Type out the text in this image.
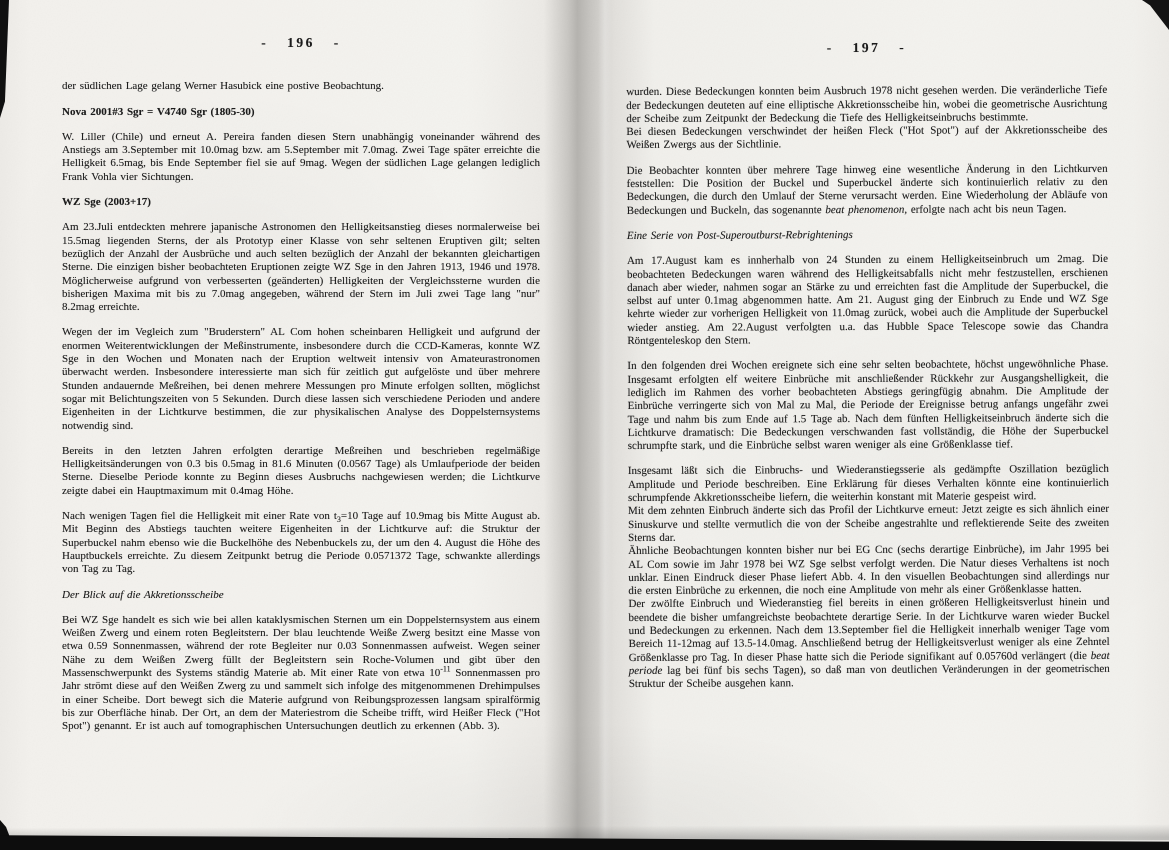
- 196 -

der südlichen Lage gelang Werner Hasubick eine postive Beobachtung.

Nova 2001#3 Sgr = V4740 Sgr (1805-30)

W. Liller (Chile) und erneut A. Pereira fanden diesen Stern unabhängig voneinander während des Anstiegs am 3.September mit 10.0mag bzw. am 5.September mit 7.0mag. Zwei Tage später erreichte die Helligkeit 6.5mag, bis Ende September fiel sie auf 9mag. Wegen der südlichen Lage gelangen lediglich Frank Vohla vier Sichtungen.

WZ Sge (2003+17)

Am 23.Juli entdeckten mehrere japanische Astronomen den Helligkeitsanstieg dieses normalerweise bei 15.5mag liegenden Sterns, der als Prototyp einer Klasse von sehr seltenen Eruptiven gilt; selten bezüglich der Anzahl der Ausbrüche und auch selten bezüglich der Anzahl der bekannten gleichartigen Sterne. Die einzigen bisher beobachteten Eruptionen zeigte WZ Sge in den Jahren 1913, 1946 und 1978. Möglicherweise aufgrund von verbesserten (geänderten) Helligkeiten der Vergleichssterne wurden die bisherigen Maxima mit bis zu 7.0mag angegeben, während der Stern im Juli zwei Tage lang "nur" 8.2mag erreichte.

Wegen der im Vegleich zum "Bruderstern" AL Com hohen scheinbaren Helligkeit und aufgrund der enormen Weiterentwicklungen der Meßinstrumente, insbesondere durch die CCD-Kameras, konnte WZ Sge in den Wochen und Monaten nach der Eruption weltweit intensiv von Amateurastronomen überwacht werden. Insbesondere interessierte man sich für zeitlich gut aufgelöste und über mehrere Stunden andauernde Meßreihen, bei denen mehrere Messungen pro Minute erfolgen sollten, möglichst sogar mit Belichtungszeiten von 5 Sekunden. Durch diese lassen sich verschiedene Perioden und andere Eigenheiten in der Lichtkurve bestimmen, die zur physikalischen Analyse des Doppelsternsystems notwendig sind.

Bereits in den letzten Jahren erfolgten derartige Meßreihen und beschrieben regelmäßige Helligkeitsänderungen von 0.3 bis 0.5mag in 81.6 Minuten (0.0567 Tage) als Umlaufperiode der beiden Sterne. Dieselbe Periode konnte zu Beginn dieses Ausbruchs nachgewiesen werden; die Lichtkurve zeigte dabei ein Hauptmaximum mit 0.4mag Höhe.

Nach wenigen Tagen fiel die Helligkeit mit einer Rate von $t_3=10$ Tage auf 10.9mag bis Mitte August ab. Mit Beginn des Abstiegs tauchten weitere Eigenheiten in der Lichtkurve auf: die Struktur der Superbuckel nahm ebenso wie die Buckelhöhe des Nebenbuckels zu, der um den 4. August die Höhe des Hauptbuckels erreichte. Zu diesem Zeitpunkt betrug die Periode 0.0571372 Tage, schwankte allerdings von Tag zu Tag.

Der Blick auf die Akkretionsscheibe

Bei WZ Sge handelt es sich wie bei allen kataklysmischen Sternen um ein Doppelsternsystem aus einem Weißen Zwerg und einem roten Begleitstern. Der blau leuchtende Weiße Zwerg besitzt eine Masse von etwa 0.59 Sonnenmassen, während der rote Begleiter nur 0.03 Sonnenmassen aufweist. Wegen seiner Nähe zu dem Weißen Zwerg füllt der Begleitstern sein Roche-Volumen und gibt über den Massenschwerpunkt des Systems ständig Materie ab. Mit einer Rate von etwa $10^{-11}$ Sonnenmassen pro Jahr strömt diese auf den Weißen Zwerg zu und sammelt sich infolge des mitgenommenen Drehimpulses in einer Scheibe. Dort bewegt sich die Materie aufgrund von Reibungsprozessen langsam spiralförmig bis zur Oberfläche hinab. Der Ort, an dem der Materiestrom die Scheibe trifft, wird Heißer Fleck ("Hot Spot") genannt. Er ist auch auf tomographischen Untersuchungen deutlich zu erkennen (Abb. 3).

- 197 -

wurden. Diese Bedeckungen konnten beim Ausbruch 1978 nicht gesehen werden. Die veränderliche Tiefe der Bedeckungen deuteten auf eine elliptische Akkretionsscheibe hin, wobei die geometrische Ausrichtung der Scheibe zum Zeitpunkt der Bedeckung die Tiefe des Helligkeitseinbruchs bestimmte.

Bei diesen Bedeckungen verschwindet der heißen Fleck ("Hot Spot") auf der Akkretionsscheibe des Weißen Zwergs aus der Sichtlinie.

Die Beobachter konnten über mehrere Tage hinweg eine wesentliche Änderung in den Lichtkurven feststellen: Die Position der Buckel und Superbuckel änderte sich kontinuierlich relativ zu den Bedeckungen, die durch den Umlauf der Sterne verursacht werden. Eine Wiederholung der Abläufe von Bedeckungen und Buckeln, das sogenannte beat phenomenon, erfolgte nach acht bis neun Tagen.

Eine Serie von Post-Superoutburst-Rebrightenings

Am 17.August kam es innherhalb von 24 Stunden zu einem Helligkeitseinbruch um 2mag. Die beobachteten Bedeckungen waren während des Helligkeitsabfalls nicht mehr festzustellen, erschienen danach aber wieder, nahmen sogar an Stärke zu und erreichten fast die Amplitude der Superbuckel, die selbst auf unter 0.1mag abgenommen hatte. Am 21. August ging der Einbruch zu Ende und WZ Sge kehrte wieder zur vorherigen Helligkeit von 11.0mag zurück, wobei auch die Amplitude der Superbuckel wieder anstieg. Am 22.August verfolgten u.a. das Hubble Space Telescope sowie das Chandra Röntgenteleskop den Stern.

In den folgenden drei Wochen ereignete sich eine sehr selten beobachtete, höchst ungewöhnliche Phase. Insgesamt erfolgten elf weitere Einbrüche mit anschließender Rückkehr zur Ausgangshelligkeit, die lediglich im Rahmen des vorher beobachteten Abstiegs geringfügig abnahm. Die Amplitude der Einbrüche verringerte sich von Mal zu Mal, die Periode der Ereignisse betrug anfangs ungefähr zwei Tage und nahm bis zum Ende auf 1.5 Tage ab. Nach dem fünften Helligkeitseinbruch änderte sich die Lichtkurve dramatisch: Die Bedeckungen verschwanden fast vollständig, die Höhe der Superbuckel schrumpfte stark, und die Einbrüche selbst waren weniger als eine Größenklasse tief.

Insgesamt läßt sich die Einbruchs- und Wiederanstiegsserie als gedämpfte Oszillation bezüglich Amplitude und Periode beschreiben. Eine Erklärung für dieses Verhalten könnte eine kontinuierlich schrumpfende Akkretionsscheibe liefern, die weiterhin konstant mit Materie gespeist wird.

Mit dem zehnten Einbruch änderte sich das Profil der Lichtkurve erneut: Jetzt zeigte es sich ähnlich einer Sinuskurve und stellte vermutlich die von der Scheibe angestrahlte und reflektierende Seite des zweiten Sterns dar.

Ähnliche Beobachtungen konnten bisher nur bei EG Cnc (sechs derartige Einbrüche), im Jahr 1995 bei AL Com sowie im Jahr 1978 bei WZ Sge selbst verfolgt werden. Die Natur dieses Verhaltens ist noch unklar. Einen Eindruck dieser Phase liefert Abb. 4. In den visuellen Beobachtungen sind allerdings nur die ersten Einbrüche zu erkennen, die noch eine Amplitude von mehr als einer Größenklasse hatten.

Der zwölfte Einbruch und Wiederanstieg fiel bereits in einen größeren Helligkeitsverlust hinein und beendete die bisher umfangreichste beobachtete derartige Serie. In der Lichtkurve waren wieder Buckel und Bedeckungen zu erkennen. Nach dem 13.September fiel die Helligkeit innerhalb weniger Tage vom Bereich 11-12mag auf 13.5-14.0mag. Anschließend betrug der Helligkeitsverlust weniger als eine Zehntel Größenklasse pro Tag. In dieser Phase hatte sich die Periode signifikant auf 0.05760d verlängert (die beat periode lag bei fünf bis sechs Tagen), so daß man von deutlichen Veränderungen in der geometrischen Struktur der Scheibe ausgehen kann.
